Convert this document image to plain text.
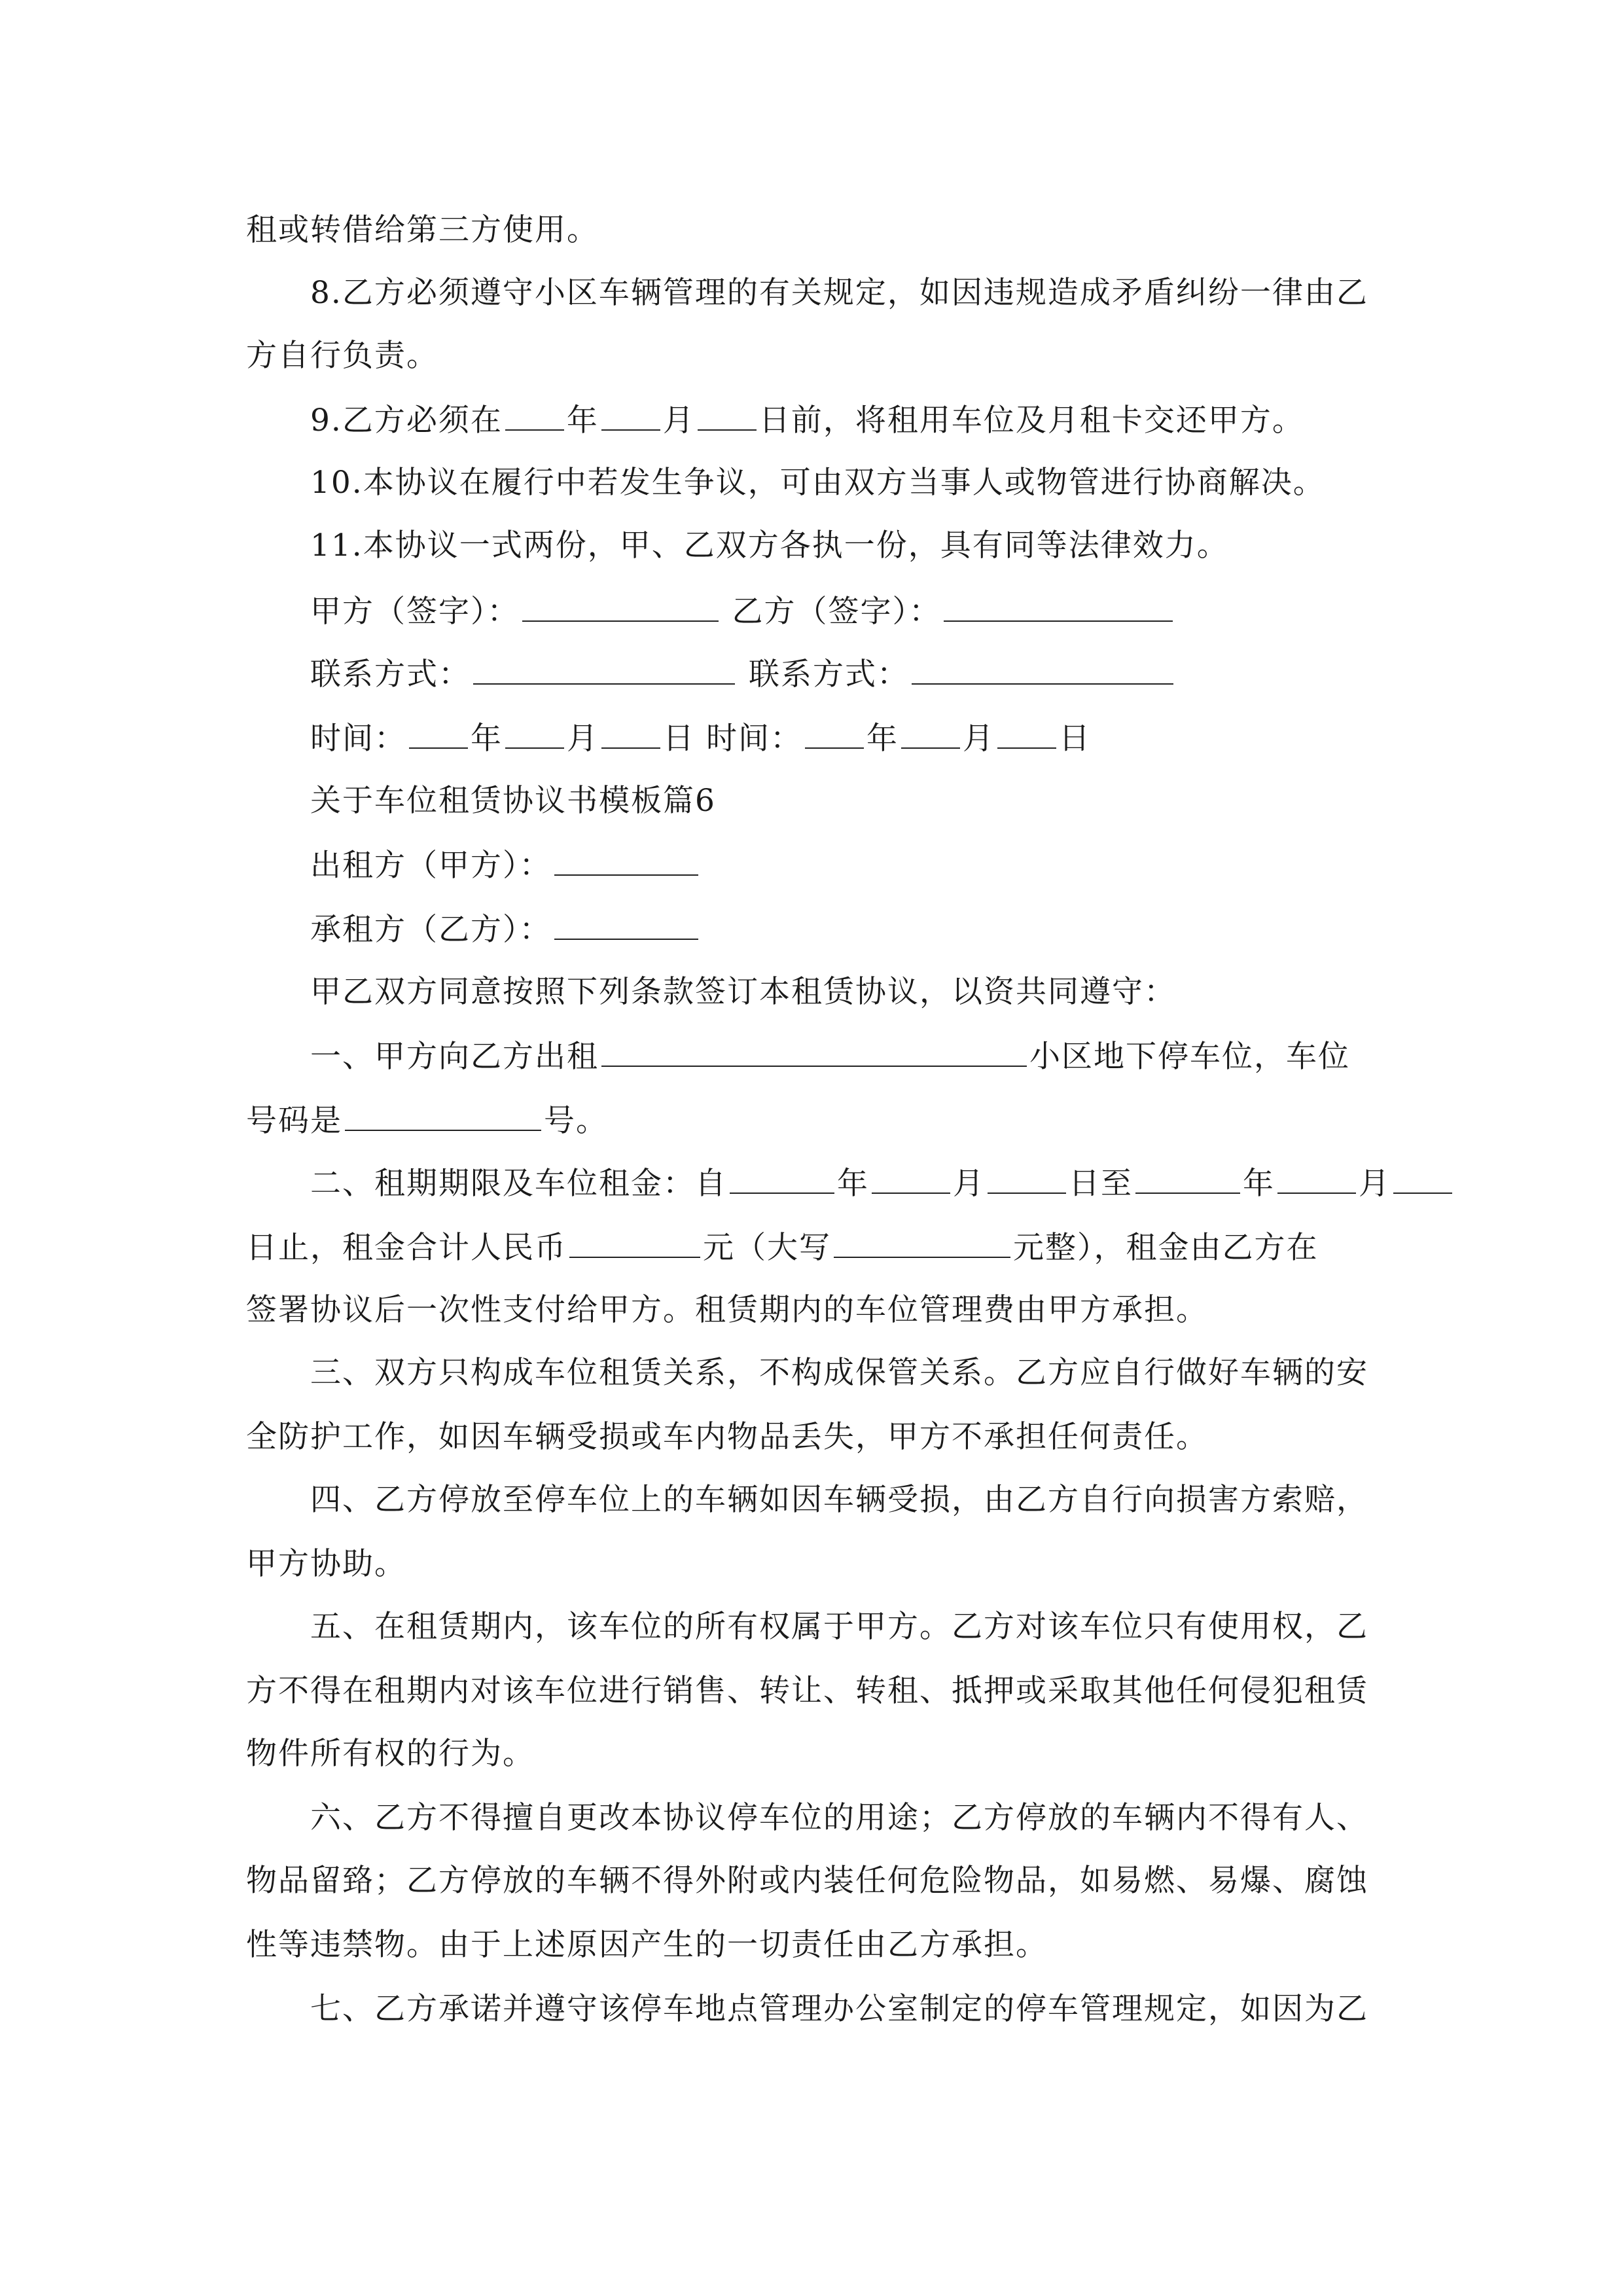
租或转借给第三方使用。
8.乙方必须遵守小区车辆管理的有关规定，如因违规造成矛盾纠纷一律由乙
方自行负责。
9.乙方必须在 年 月 日前，将租用车位及月租卡交还甲方。
10.本协议在履行中若发生争议，可由双方当事人或物管进行协商解决。
11.本协议一式两份，甲、乙双方各执一份，具有同等法律效力。
甲方（签字）：	乙方（签字）：
联系方式：	联系方式：
时间： 年 月 日 时间： 年 月 日
关于车位租赁协议书模板篇6
出租方（甲方）：
承租方（乙方）：
甲乙双方同意按照下列条款签订本租赁协议，以资共同遵守：
一、甲方向乙方出租	小区地下停车位，车位
号码是	号。
二、租期期限及车位租金：自	年	月	日至	年	月
日止，租金合计人民币	元（大写	元整），租金由乙方在
签署协议后一次性支付给甲方。租赁期内的车位管理费由甲方承担。
三、双方只构成车位租赁关系，不构成保管关系。乙方应自行做好车辆的安
全防护工作，如因车辆受损或车内物品丢失，甲方不承担任何责任。
四、乙方停放至停车位上的车辆如因车辆受损，由乙方自行向损害方索赔，
甲方协助。
五、在租赁期内，该车位的所有权属于甲方。乙方对该车位只有使用权，乙
方不得在租期内对该车位进行销售、转让、转租、抵押或采取其他任何侵犯租赁
物件所有权的行为。
六、乙方不得擅自更改本协议停车位的用途；乙方停放的车辆内不得有人、
物品留臵；乙方停放的车辆不得外附或内装任何危险物品，如易燃、易爆、腐蚀
性等违禁物。由于上述原因产生的一切责任由乙方承担。
七、乙方承诺并遵守该停车地点管理办公室制定的停车管理规定，如因为乙
